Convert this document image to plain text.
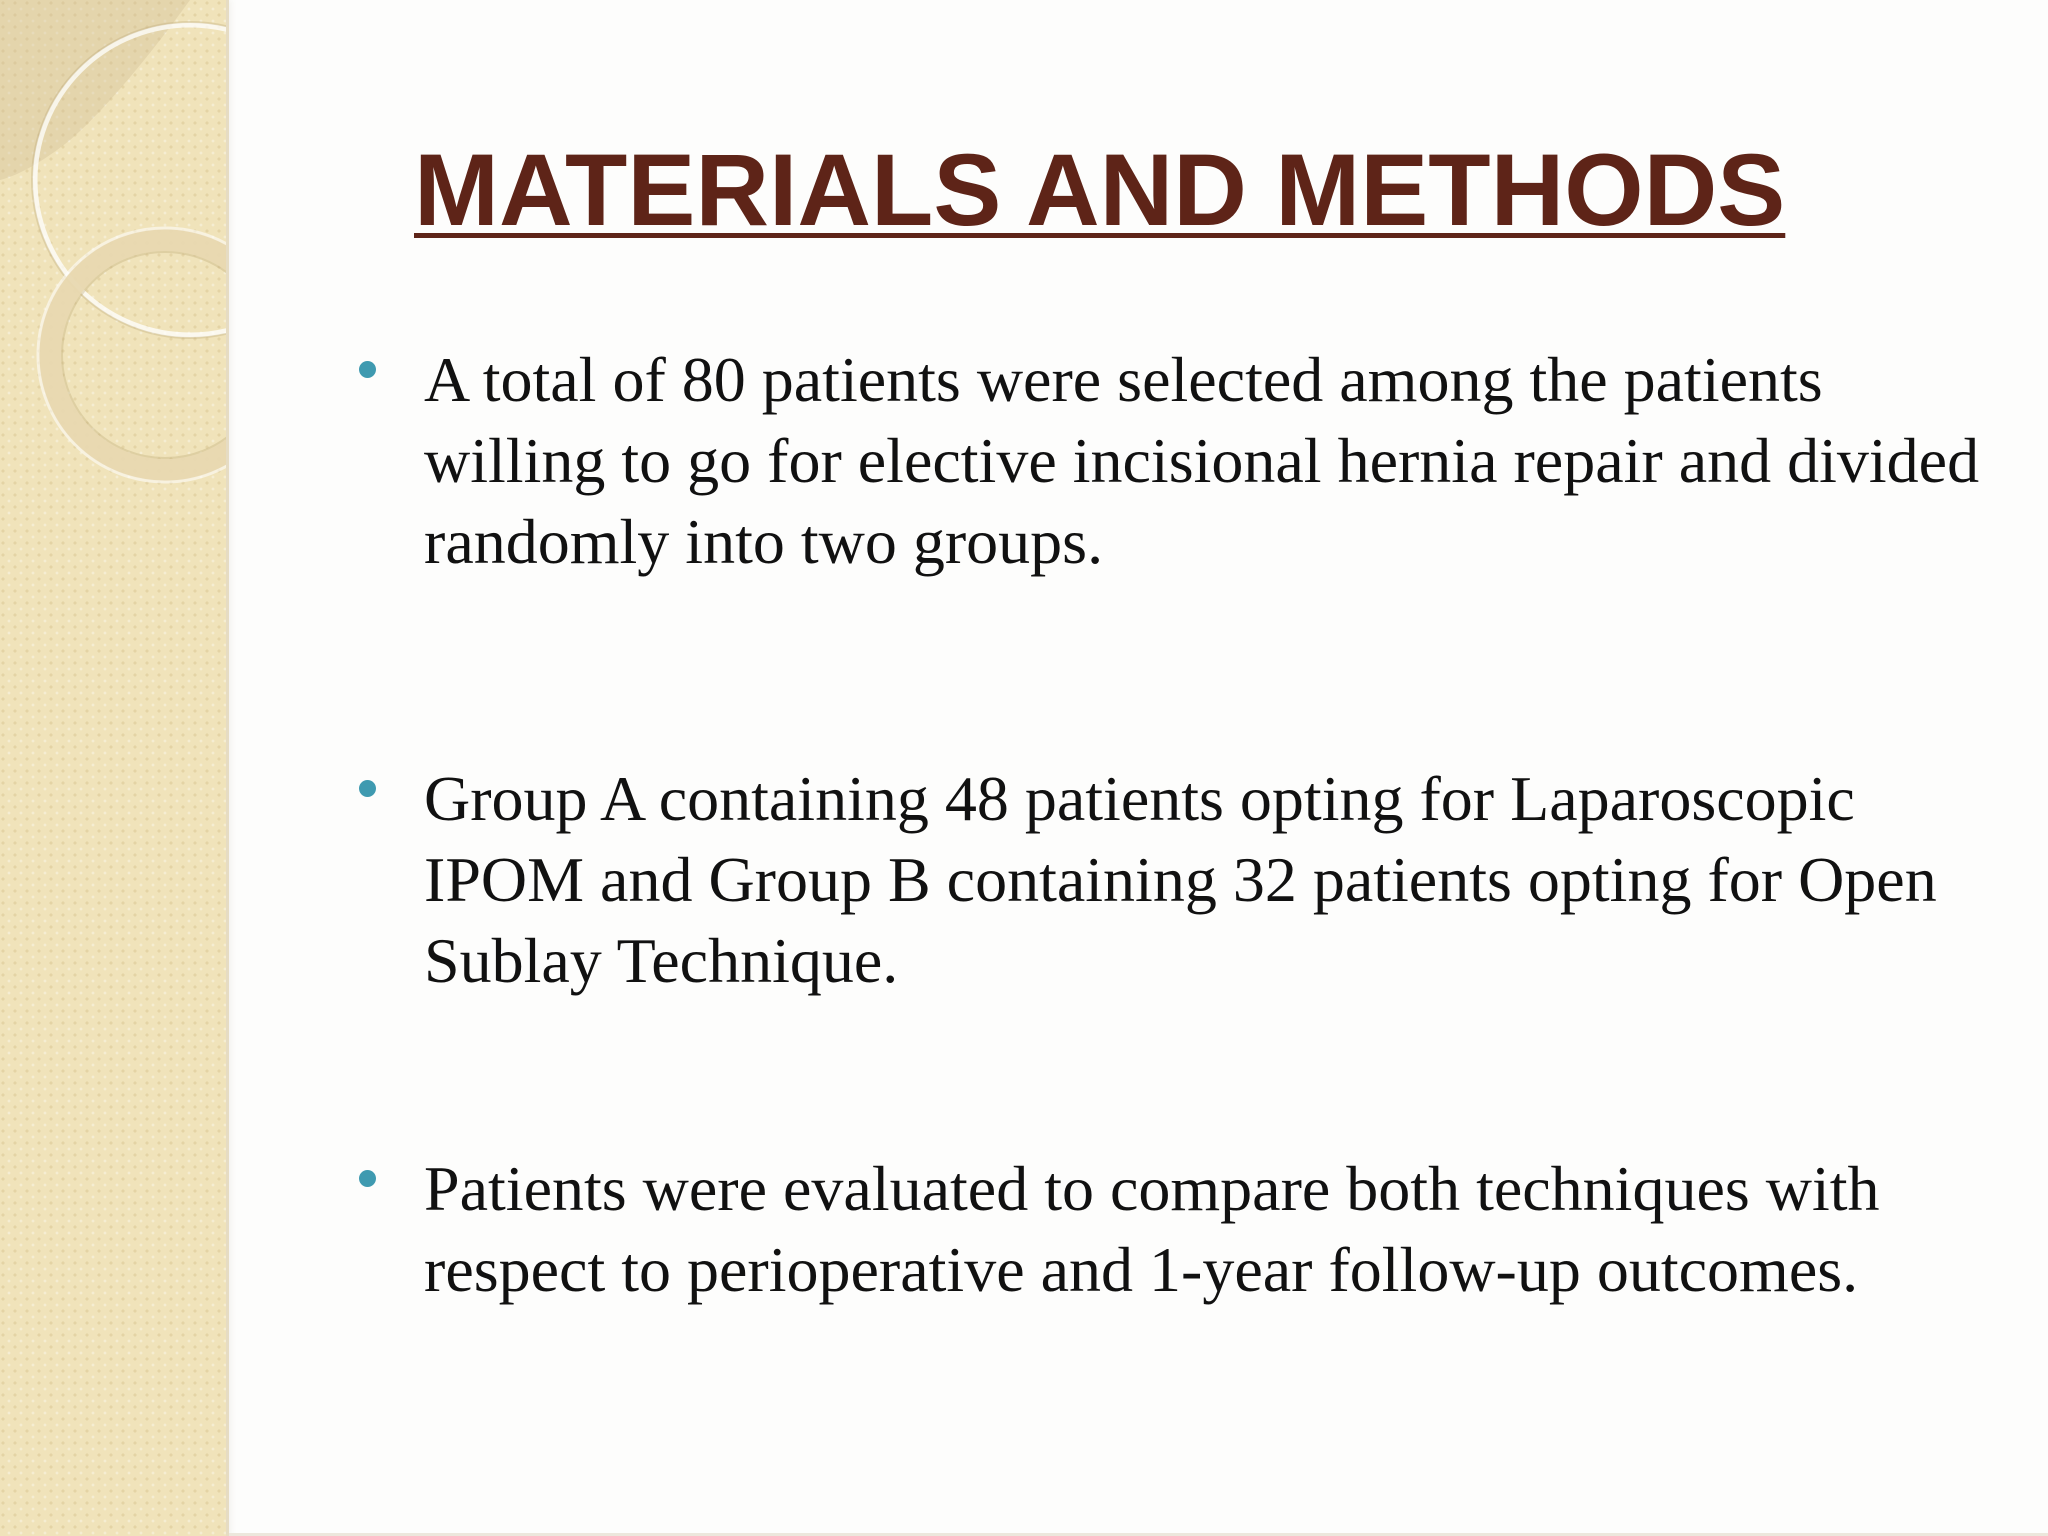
MATERIALS AND METHODS
A total of 80 patients were selected among the patients willing to go for elective incisional hernia repair and divided randomly into two groups.
Group A containing 48 patients opting for Laparoscopic IPOM and Group B containing 32 patients opting for Open Sublay Technique.
Patients were evaluated to compare both techniques with respect to perioperative and 1-year follow-up outcomes.
